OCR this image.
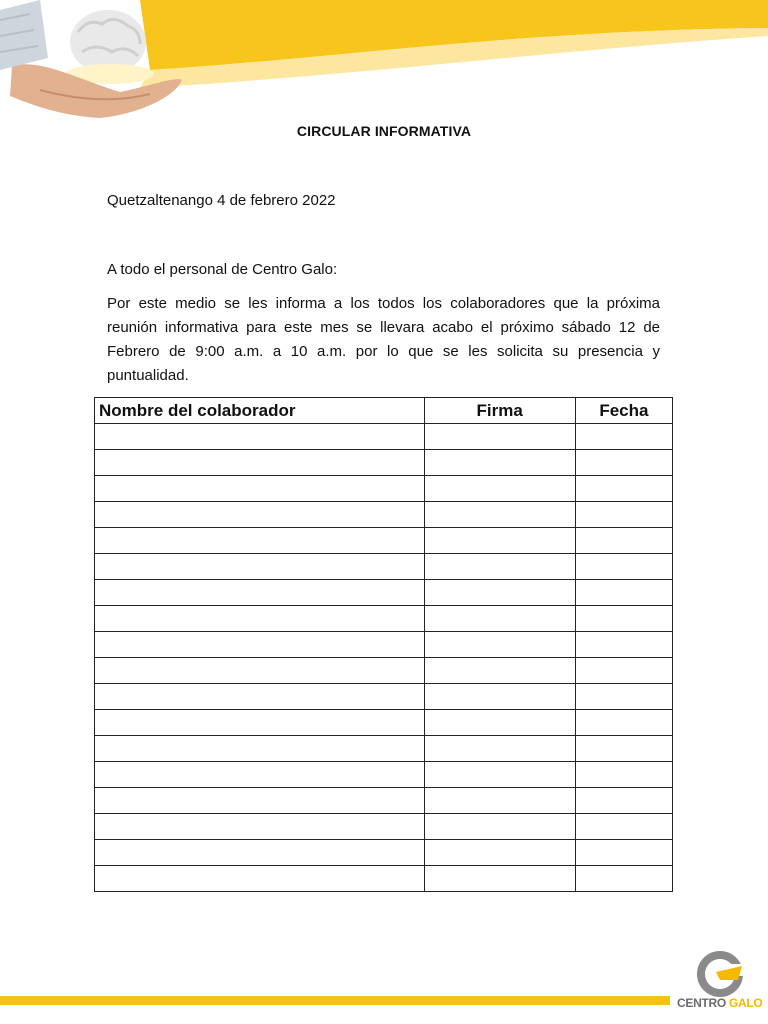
CIRCULAR INFORMATIVA
Quetzaltenango 4 de febrero 2022
A todo el personal de Centro Galo:
Por este medio se les informa a los todos los colaboradores que la próxima reunión informativa para este mes se llevara acabo el próximo sábado 12 de Febrero de 9:00 a.m. a 10 a.m. por lo que se les solicita su presencia y puntualidad.
Nombre del colaborador	Firma	Fecha

CENTRO GALO
